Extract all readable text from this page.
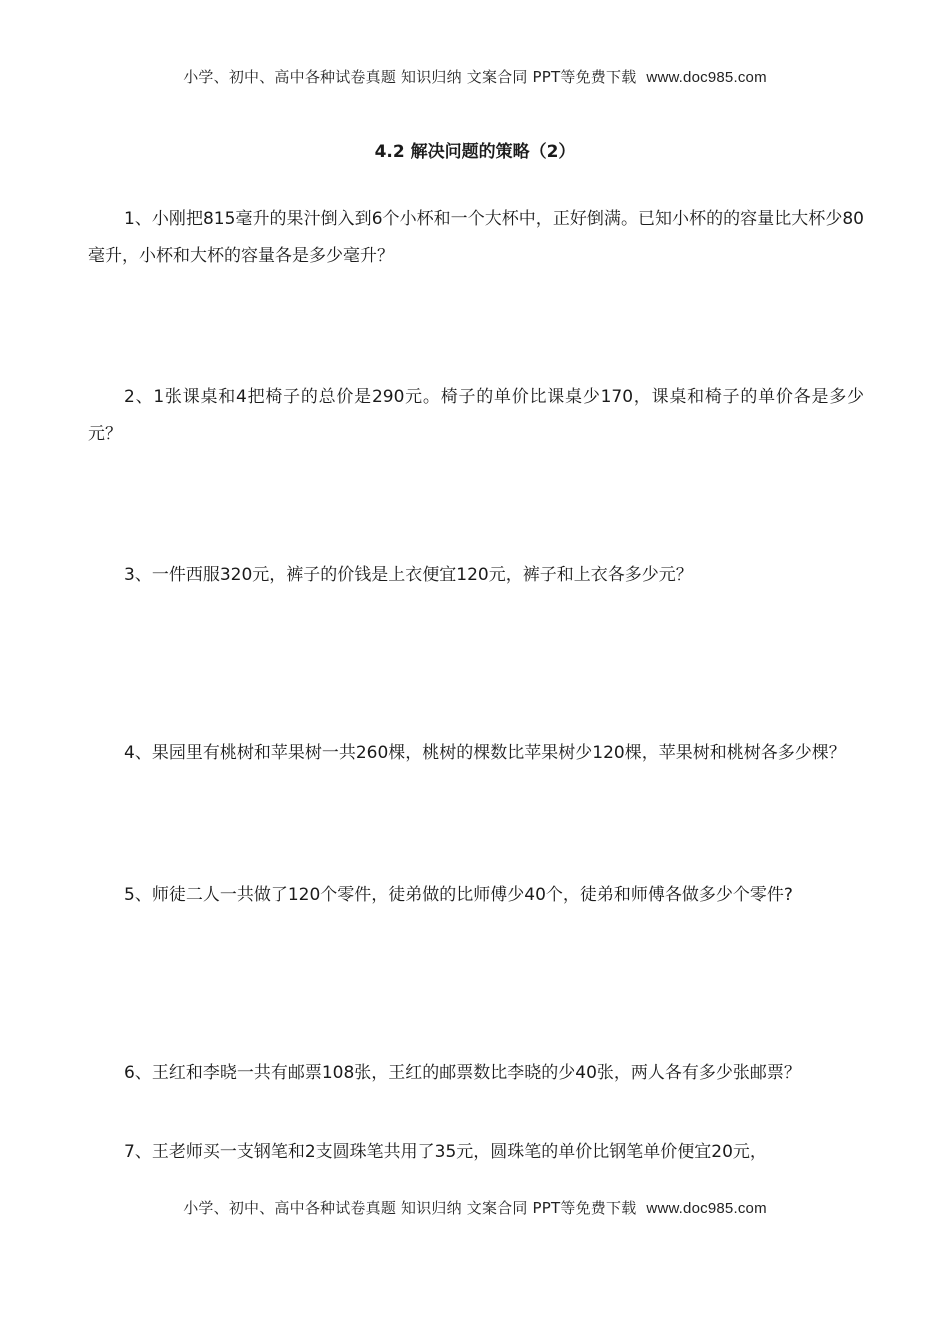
小学、初中、高中各种试卷真题 知识归纳 文案合同 PPT等免费下载 www.doc985.com
4.2 解决问题的策略（2）

1、小刚把815毫升的果汁倒入到6个小杯和一个大杯中，正好倒满。已知小杯的的容量比大杯少80毫升，小杯和大杯的容量各是多少毫升？

2、1张课桌和4把椅子的总价是290元。椅子的单价比课桌少170，课桌和椅子的单价各是多少元？

3、一件西服320元，裤子的价钱是上衣便宜120元，裤子和上衣各多少元？

4、果园里有桃树和苹果树一共260棵，桃树的棵数比苹果树少120棵，苹果树和桃树各多少棵？

5、师徒二人一共做了120个零件，徒弟做的比师傅少40个，徒弟和师傅各做多少个零件?

6、王红和李晓一共有邮票108张，王红的邮票数比李晓的少40张，两人各有多少张邮票？

7、王老师买一支钢笔和2支圆珠笔共用了35元，圆珠笔的单价比钢笔单价便宜20元，

小学、初中、高中各种试卷真题 知识归纳 文案合同 PPT等免费下载 www.doc985.com
